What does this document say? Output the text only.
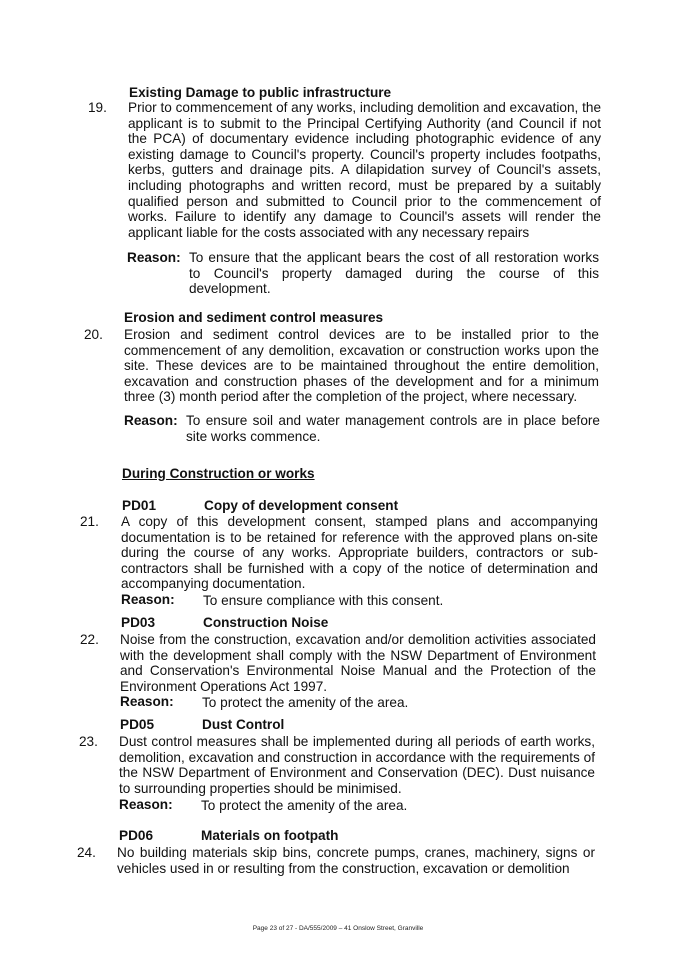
Existing Damage to public infrastructure
19. Prior to commencement of any works, including demolition and excavation, the applicant is to submit to the Principal Certifying Authority (and Council if not the PCA) of documentary evidence including photographic evidence of any existing damage to Council's property. Council's property includes footpaths, kerbs, gutters and drainage pits. A dilapidation survey of Council's assets, including photographs and written record, must be prepared by a suitably qualified person and submitted to Council prior to the commencement of works. Failure to identify any damage to Council's assets will render the applicant liable for the costs associated with any necessary repairs
Reason: To ensure that the applicant bears the cost of all restoration works to Council's property damaged during the course of this development.
Erosion and sediment control measures
20. Erosion and sediment control devices are to be installed prior to the commencement of any demolition, excavation or construction works upon the site. These devices are to be maintained throughout the entire demolition, excavation and construction phases of the development and for a minimum three (3) month period after the completion of the project, where necessary.
Reason: To ensure soil and water management controls are in place before site works commence.
During Construction or works
PD01	Copy of development consent
21. A copy of this development consent, stamped plans and accompanying documentation is to be retained for reference with the approved plans on-site during the course of any works. Appropriate builders, contractors or sub-contractors shall be furnished with a copy of the notice of determination and accompanying documentation.
Reason: To ensure compliance with this consent.
PD03	Construction Noise
22. Noise from the construction, excavation and/or demolition activities associated with the development shall comply with the NSW Department of Environment and Conservation's Environmental Noise Manual and the Protection of the Environment Operations Act 1997.
Reason: To protect the amenity of the area.
PD05	Dust Control
23. Dust control measures shall be implemented during all periods of earth works, demolition, excavation and construction in accordance with the requirements of the NSW Department of Environment and Conservation (DEC). Dust nuisance to surrounding properties should be minimised.
Reason: To protect the amenity of the area.
PD06	Materials on footpath
24. No building materials skip bins, concrete pumps, cranes, machinery, signs or vehicles used in or resulting from the construction, excavation or demolition
Page 23 of 27 - DA/555/2009 – 41 Onslow Street, Granville
